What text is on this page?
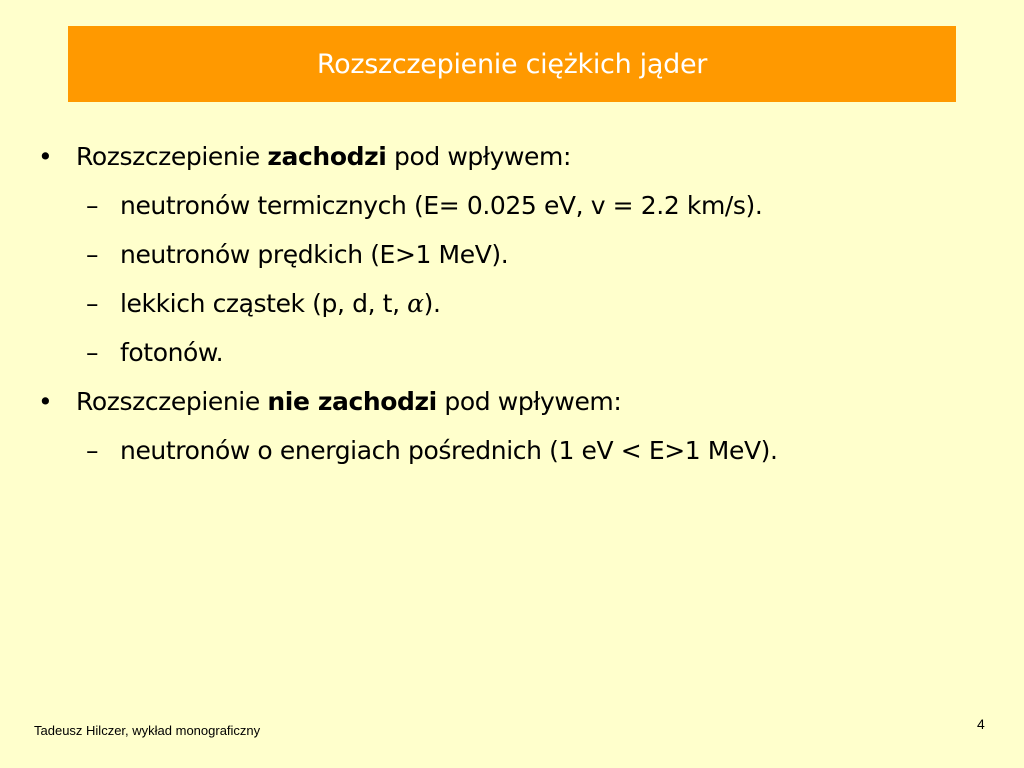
Rozszczepienie ciężkich jąder
• Rozszczepienie zachodzi pod wpływem:
– neutronów termicznych (E= 0.025 eV, v = 2.2 km/s).
– neutronów prędkich (E>1 MeV).
– lekkich cząstek (p, d, t, α).
– fotonów.
• Rozszczepienie nie zachodzi pod wpływem:
– neutronów o energiach pośrednich (1 eV < E>1 MeV).
Tadeusz Hilczer, wykład monograficzny	4
